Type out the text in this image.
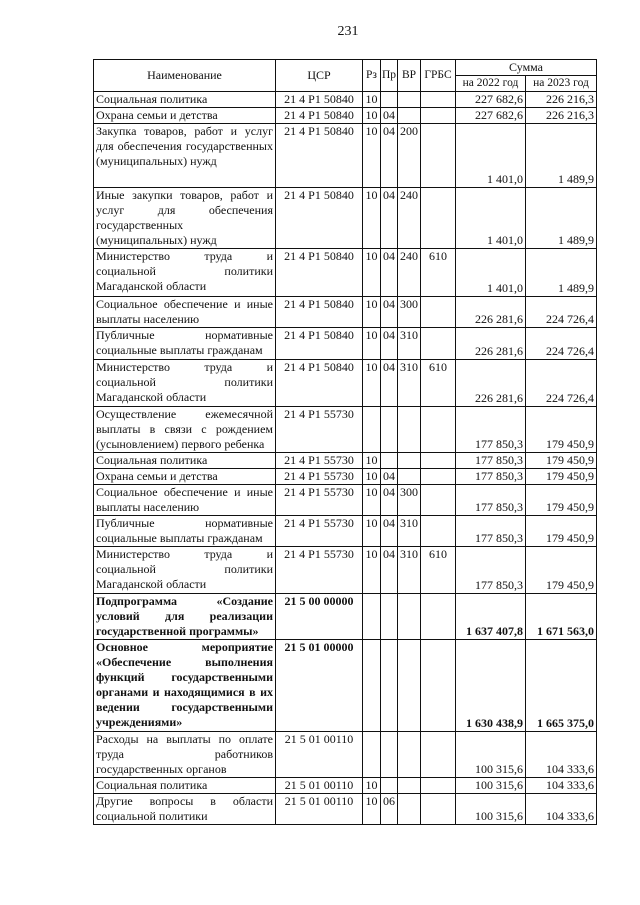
231
Наименование	ЦСР	Рз	Пр	ВР	ГРБС	Сумма	
						на 2022 год	на 2023 год
Социальная политика	21 4 P1 50840	10				227 682,6	226 216,3
Охрана семьи и детства	21 4 P1 50840	10	04			227 682,6	226 216,3
Закупка товаров, работ и услуг для обеспечения государственных (муниципальных) нужд	21 4 P1 50840	10	04	200		1 401,0	1 489,9
Иные закупки товаров, работ и услуг для обеспечения государственных (муниципальных) нужд	21 4 P1 50840	10	04	240		1 401,0	1 489,9
Министерство труда и социальной политики Магаданской области	21 4 P1 50840	10	04	240	610	1 401,0	1 489,9
Социальное обеспечение и иные выплаты населению	21 4 P1 50840	10	04	300		226 281,6	224 726,4
Публичные нормативные социальные выплаты гражданам	21 4 P1 50840	10	04	310		226 281,6	224 726,4
Министерство труда и социальной политики Магаданской области	21 4 P1 50840	10	04	310	610	226 281,6	224 726,4
Осуществление ежемесячной выплаты в связи с рождением (усыновлением) первого ребенка	21 4 P1 55730					177 850,3	179 450,9
Социальная политика	21 4 P1 55730	10				177 850,3	179 450,9
Охрана семьи и детства	21 4 P1 55730	10	04			177 850,3	179 450,9
Социальное обеспечение и иные выплаты населению	21 4 P1 55730	10	04	300		177 850,3	179 450,9
Публичные нормативные социальные выплаты гражданам	21 4 P1 55730	10	04	310		177 850,3	179 450,9
Министерство труда и социальной политики Магаданской области	21 4 P1 55730	10	04	310	610	177 850,3	179 450,9
Подпрограмма «Создание условий для реализации государственной программы»	21 5 00 00000					1 637 407,8	1 671 563,0
Основное мероприятие «Обеспечение выполнения функций государственными органами и находящимися в их ведении государственными учреждениями»	21 5 01 00000					1 630 438,9	1 665 375,0
Расходы на выплаты по оплате труда работников государственных органов	21 5 01 00110					100 315,6	104 333,6
Социальная политика	21 5 01 00110	10				100 315,6	104 333,6
Другие вопросы в области социальной политики	21 5 01 00110	10	06			100 315,6	104 333,6
